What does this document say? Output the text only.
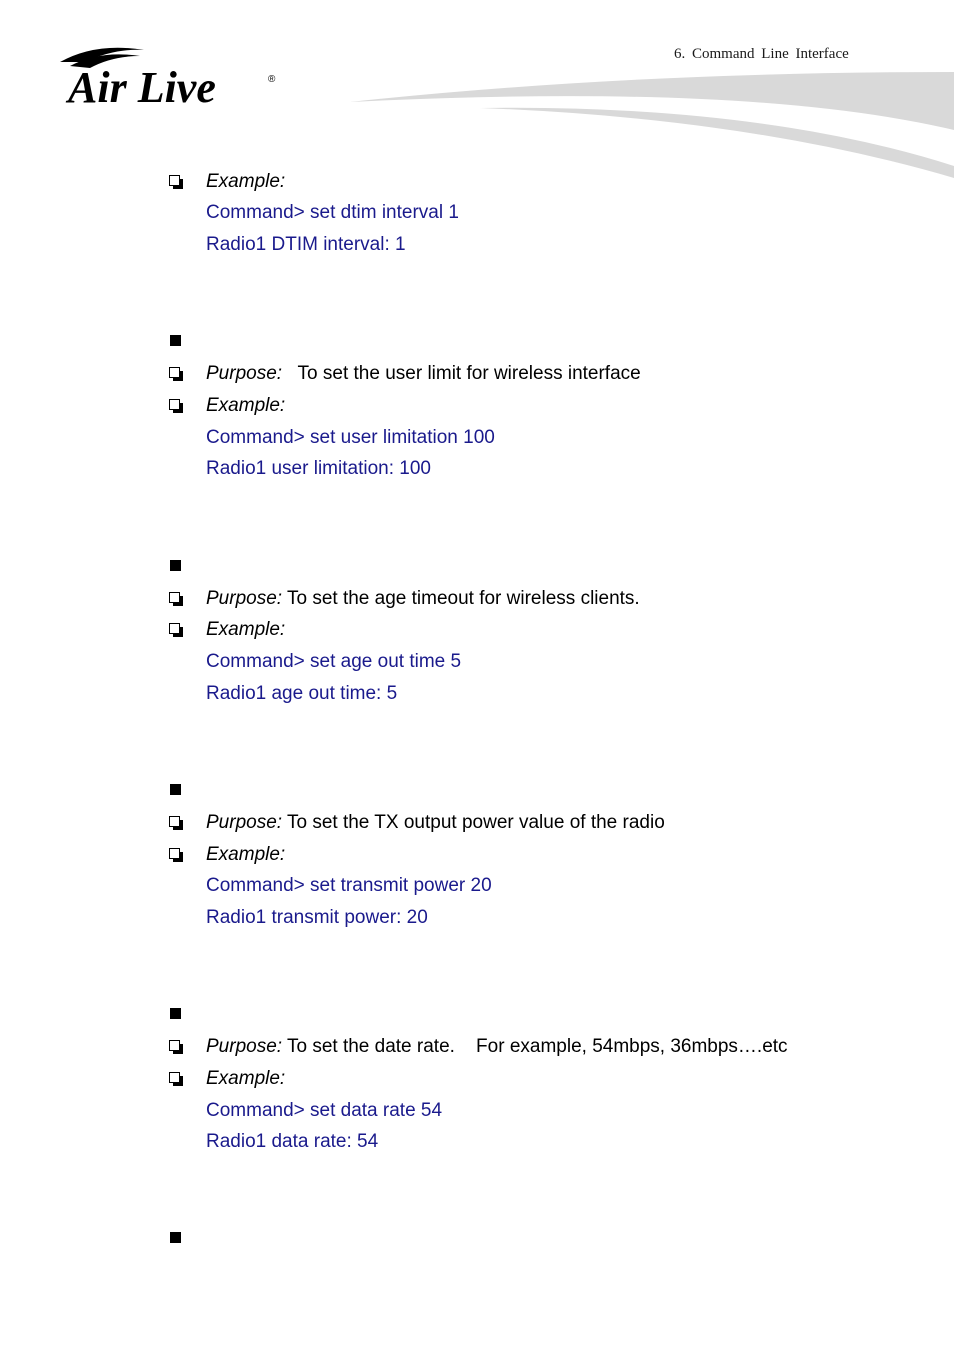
6. Command Line Interface
Air Live	®
Example:
Command> set dtim interval 1
Radio1 DTIM interval: 1
Purpose:   To set the user limit for wireless interface
Example:
Command> set user limitation 100
Radio1 user limitation: 100
Purpose: To set the age timeout for wireless clients.
Example:
Command> set age out time 5
Radio1 age out time: 5
Purpose: To set the TX output power value of the radio
Example:
Command> set transmit power 20
Radio1 transmit power: 20
Purpose: To set the date rate.    For example, 54mbps, 36mbps….etc
Example:
Command> set data rate 54
Radio1 data rate: 54
